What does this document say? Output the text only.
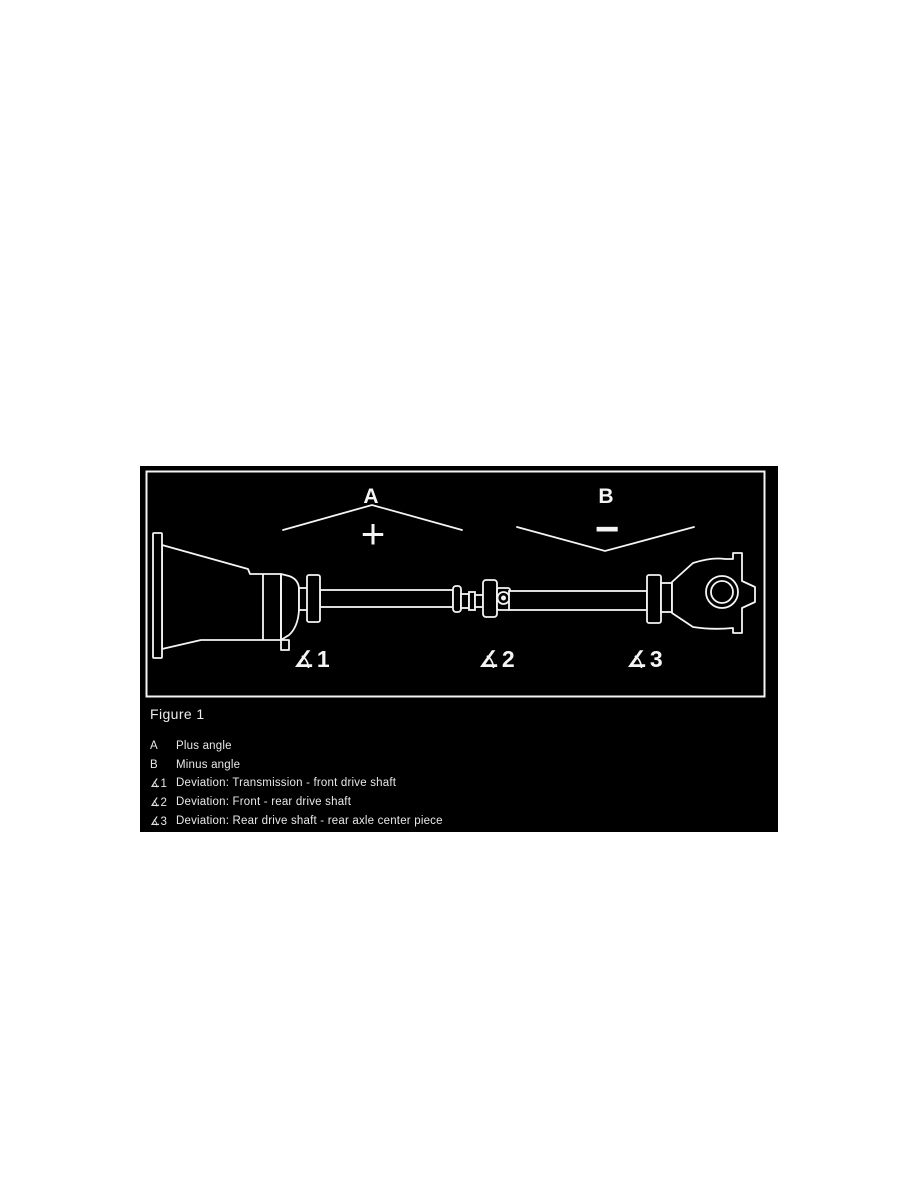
A
+
B
−
∡1	∡2	∡3
Figure 1
A	Plus angle
B	Minus angle
∡1 Deviation: Transmission - front drive shaft
∡2 Deviation: Front - rear drive shaft
∡3 Deviation: Rear drive shaft - rear axle center piece
